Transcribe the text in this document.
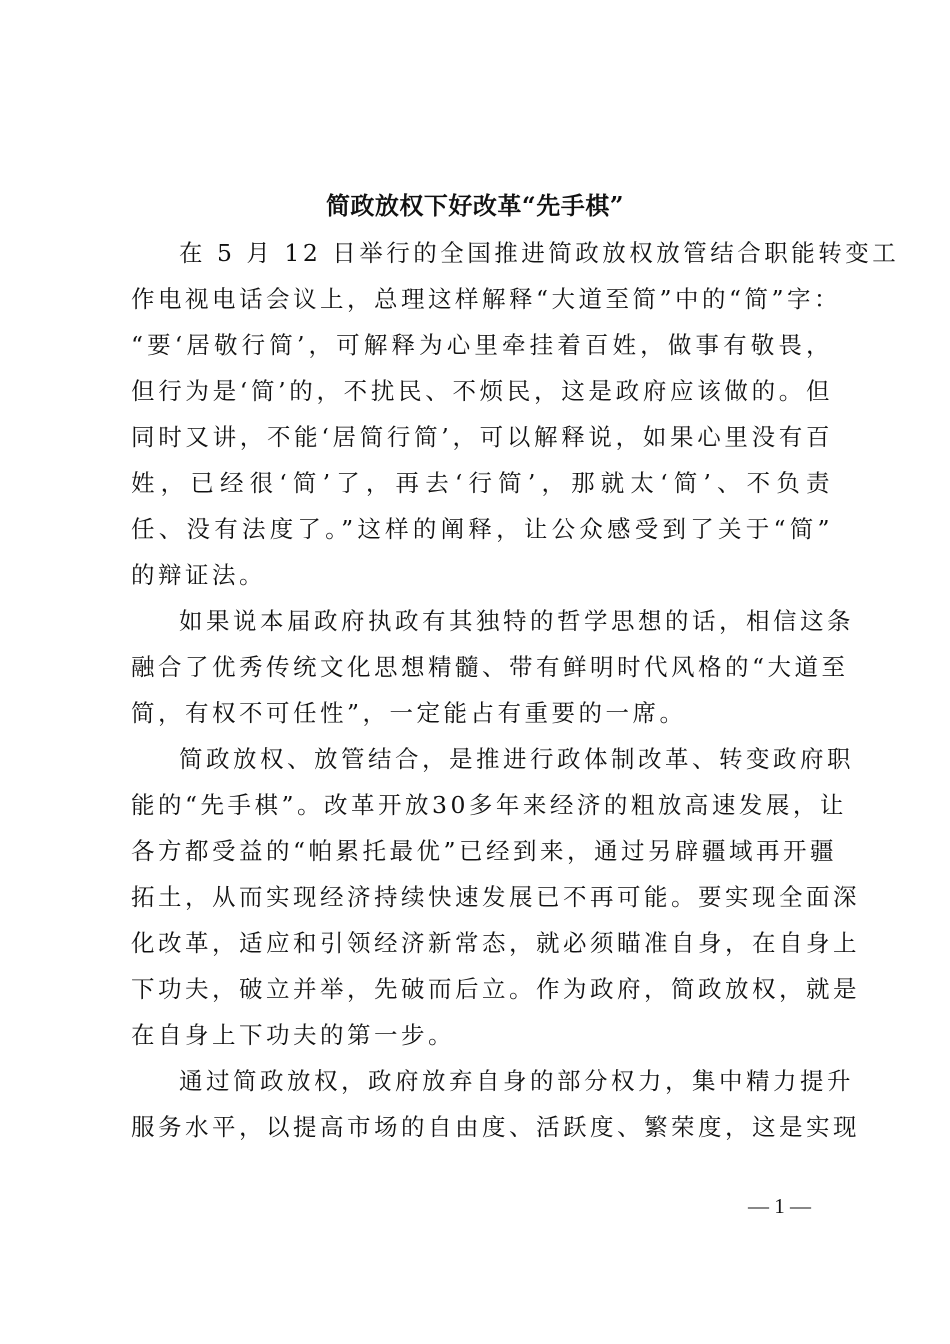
简政放权下好改革“先手棋”
在 5 月 12 日举行的全国推进简政放权放管结合职能转变工
作电视电话会议上，总理这样解释“大道至简”中的“简”字：
“要‘居敬行简’，可解释为心里牵挂着百姓，做事有敬畏，
但行为是‘简’的，不扰民、不烦民，这是政府应该做的。但
同时又讲，不能‘居简行简’，可以解释说，如果心里没有百
姓，已经很‘简’了，再去‘行简’，那就太‘简’、不负责
任、没有法度了。”这样的阐释，让公众感受到了关于“简”
的辩证法。
如果说本届政府执政有其独特的哲学思想的话，相信这条
融合了优秀传统文化思想精髓、带有鲜明时代风格的“大道至
简，有权不可任性”，一定能占有重要的一席。
简政放权、放管结合，是推进行政体制改革、转变政府职
能的“先手棋”。改革开放30多年来经济的粗放高速发展，让
各方都受益的“帕累托最优”已经到来，通过另辟疆域再开疆
拓土，从而实现经济持续快速发展已不再可能。要实现全面深
化改革，适应和引领经济新常态，就必须瞄准自身，在自身上
下功夫，破立并举，先破而后立。作为政府，简政放权，就是
在自身上下功夫的第一步。
通过简政放权，政府放弃自身的部分权力，集中精力提升
服务水平，以提高市场的自由度、活跃度、繁荣度，这是实现
— 1 —
